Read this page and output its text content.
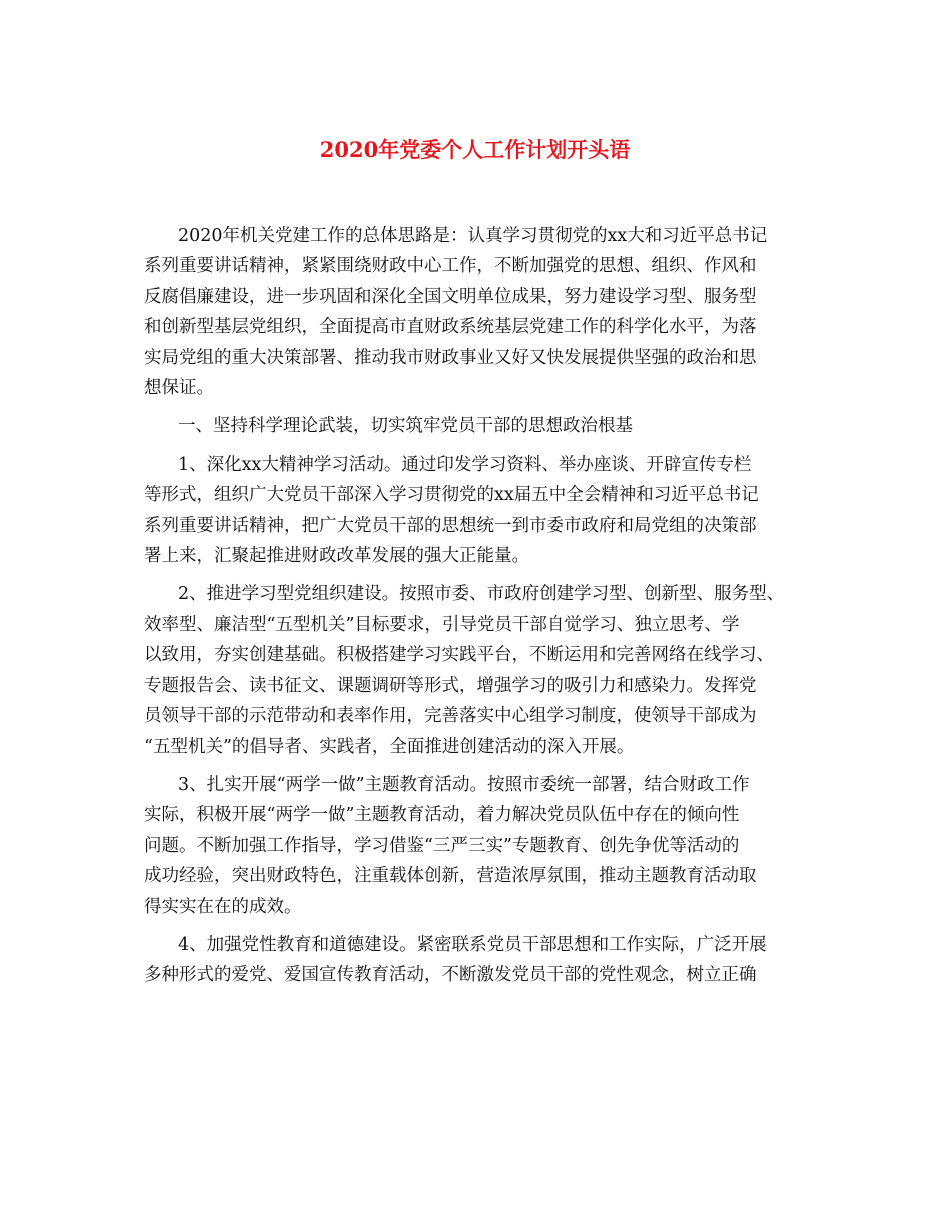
2020年党委个人工作计划开头语

2020年机关党建工作的总体思路是：认真学习贯彻党的xx大和习近平总书记
系列重要讲话精神，紧紧围绕财政中心工作，不断加强党的思想、组织、作风和
反腐倡廉建设，进一步巩固和深化全国文明单位成果，努力建设学习型、服务型
和创新型基层党组织，全面提高市直财政系统基层党建工作的科学化水平，为落
实局党组的重大决策部署、推动我市财政事业又好又快发展提供坚强的政治和思
想保证。

一、坚持科学理论武装，切实筑牢党员干部的思想政治根基

1、深化xx大精神学习活动。通过印发学习资料、举办座谈、开辟宣传专栏
等形式，组织广大党员干部深入学习贯彻党的xx届五中全会精神和习近平总书记
系列重要讲话精神，把广大党员干部的思想统一到市委市政府和局党组的决策部
署上来，汇聚起推进财政改革发展的强大正能量。

2、推进学习型党组织建设。按照市委、市政府创建学习型、创新型、服务型、
效率型、廉洁型“五型机关”目标要求，引导党员干部自觉学习、独立思考、学
以致用，夯实创建基础。积极搭建学习实践平台，不断运用和完善网络在线学习、
专题报告会、读书征文、课题调研等形式，增强学习的吸引力和感染力。发挥党
员领导干部的示范带动和表率作用，完善落实中心组学习制度，使领导干部成为
“五型机关”的倡导者、实践者，全面推进创建活动的深入开展。

3、扎实开展“两学一做”主题教育活动。按照市委统一部署，结合财政工作
实际，积极开展“两学一做”主题教育活动，着力解决党员队伍中存在的倾向性
问题。不断加强工作指导，学习借鉴“三严三实”专题教育、创先争优等活动的
成功经验，突出财政特色，注重载体创新，营造浓厚氛围，推动主题教育活动取
得实实在在的成效。

4、加强党性教育和道德建设。紧密联系党员干部思想和工作实际，广泛开展
多种形式的爱党、爱国宣传教育活动，不断激发党员干部的党性观念，树立正确
